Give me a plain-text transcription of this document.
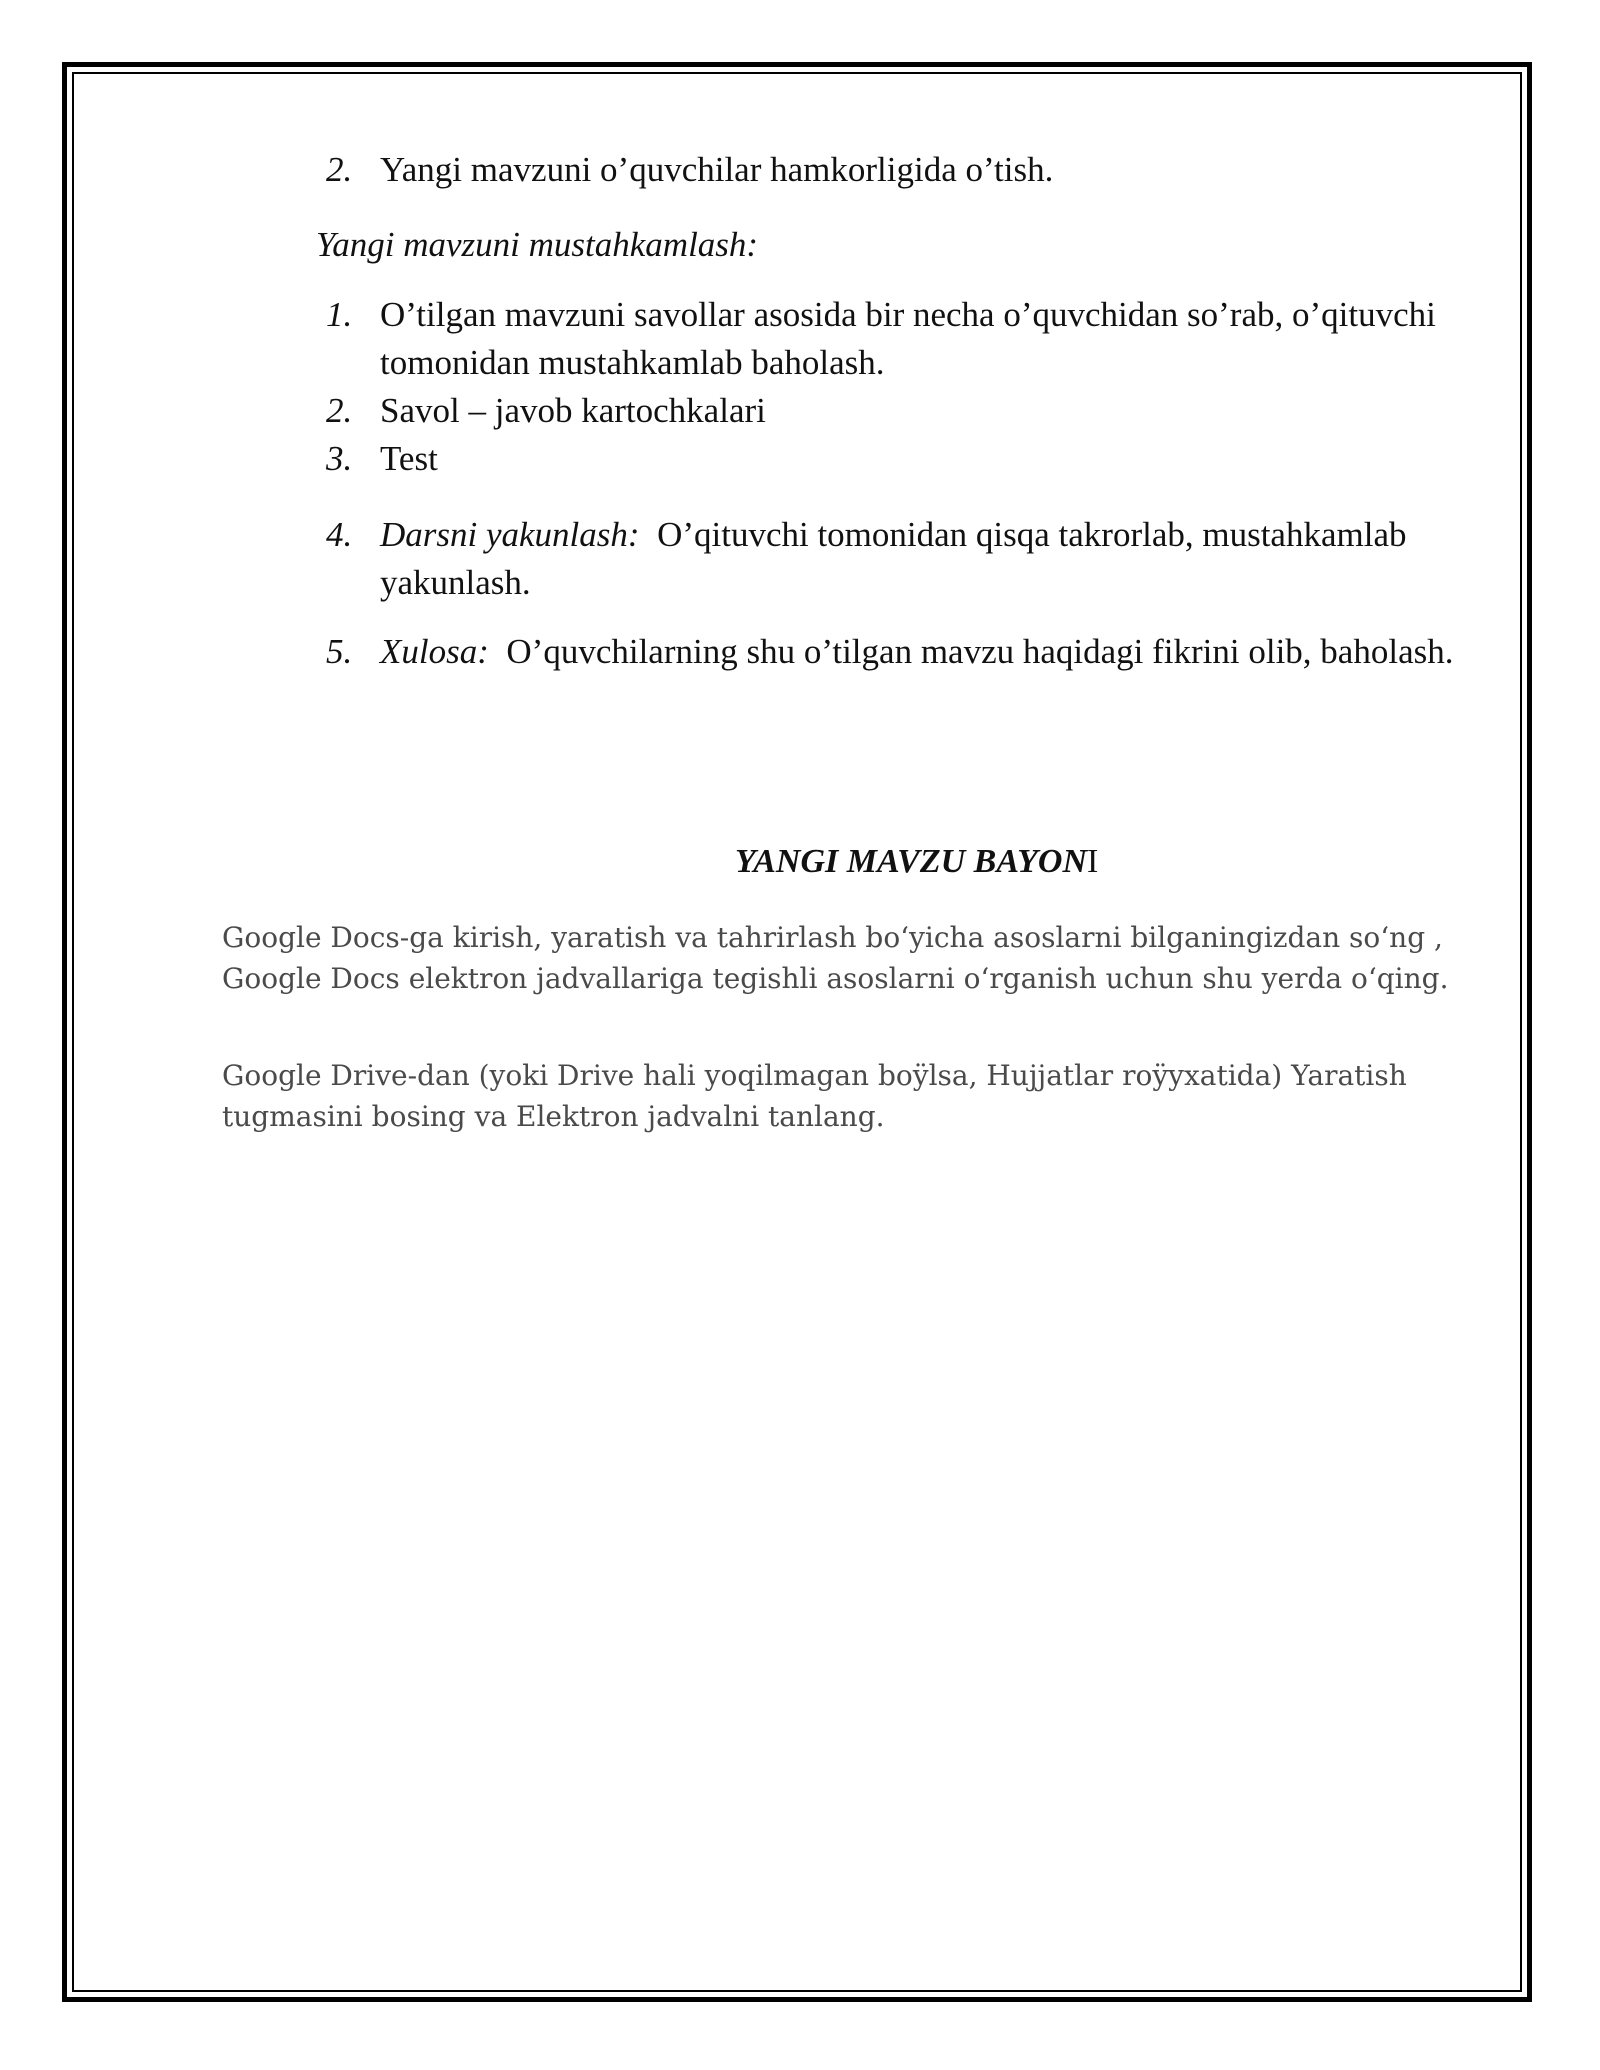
2. Yangi mavzuni o’quvchilar hamkorligida o’tish.
Yangi mavzuni mustahkamlash:
1. O’tilgan mavzuni savollar asosida bir necha o’quvchidan so’rab, o’qituvchi tomonidan mustahkamlab baholash.
2. Savol – javob kartochkalari
3. Test
4. Darsni yakunlash: O’qituvchi tomonidan qisqa takrorlab, mustahkamlab yakunlash.
5. Xulosa: O’quvchilarning shu o’tilgan mavzu haqidagi fikrini olib, baholash.
YANGI MAVZU BAYONI
Google Docs-ga kirish, yaratish va tahrirlash bo‘yicha asoslarni bilganingizdan so‘ng , Google Docs elektron jadvallariga tegishli asoslarni o‘rganish uchun shu yerda o‘qing.
Google Drive-dan (yoki Drive hali yoqilmagan boÿlsa, Hujjatlar roÿyxatida) Yaratish tugmasini bosing va Elektron jadvalni tanlang.
